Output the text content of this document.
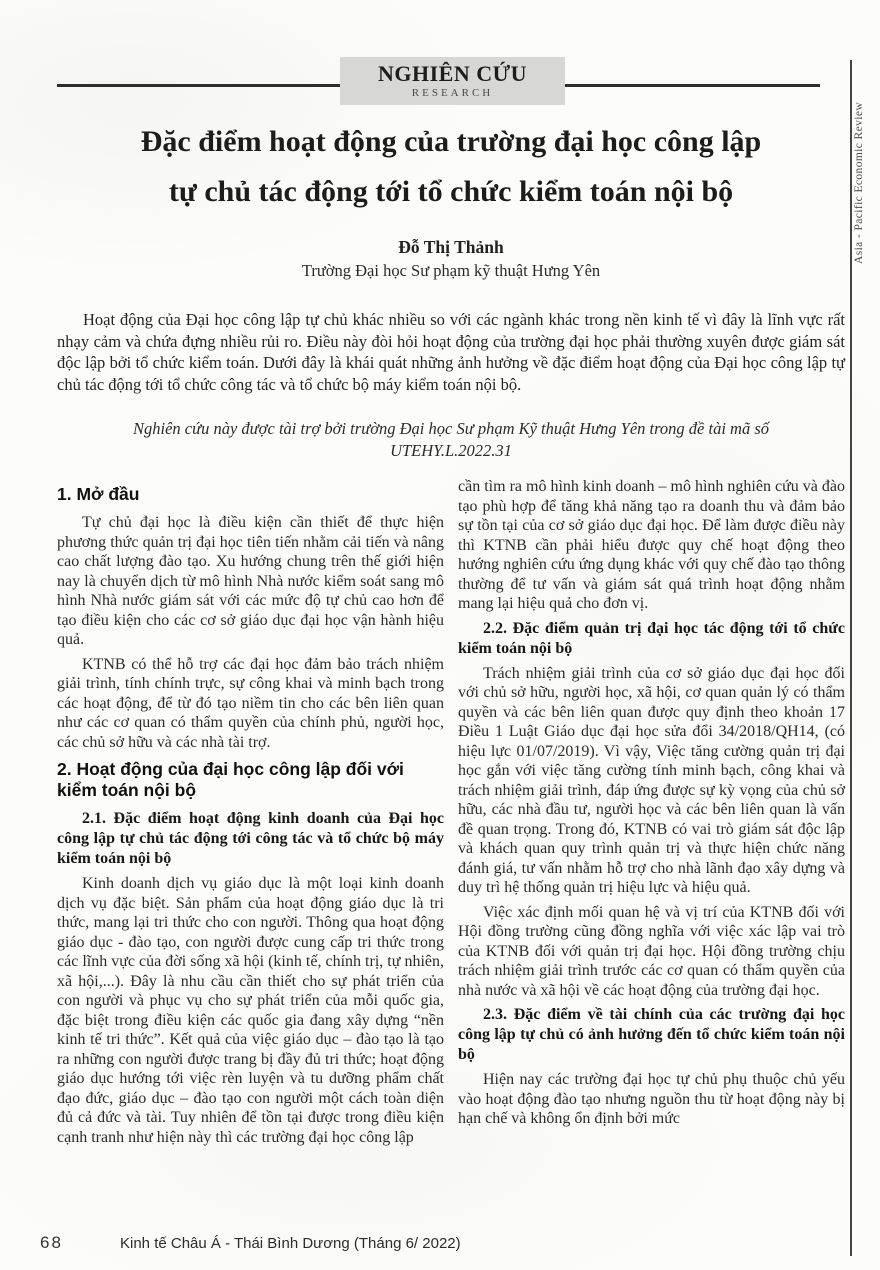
Asia - Pacific Economic Review
NGHIÊN CỨU
RESEARCH
Đặc điểm hoạt động của trường đại học công lập
tự chủ tác động tới tổ chức kiểm toán nội bộ
Đỗ Thị Thảnh
Trường Đại học Sư phạm kỹ thuật Hưng Yên

Hoạt động của Đại học công lập tự chủ khác nhiều so với các ngành khác trong nền kinh tế vì đây là lĩnh vực rất nhạy cảm và chứa đựng nhiều rủi ro. Điều này đòi hỏi hoạt động của trường đại học phải thường xuyên được giám sát độc lập bởi tổ chức kiểm toán. Dưới đây là khái quát những ảnh hưởng về đặc điểm hoạt động của Đại học công lập tự chủ tác động tới tổ chức công tác và tổ chức bộ máy kiểm toán nội bộ.

Nghiên cứu này được tài trợ bởi trường Đại học Sư phạm Kỹ thuật Hưng Yên trong đề tài mã số UTEHY.L.2022.31

1. Mở đầu

Tự chủ đại học là điều kiện cần thiết để thực hiện phương thức quản trị đại học tiên tiến nhằm cải tiến và nâng cao chất lượng đào tạo. Xu hướng chung trên thế giới hiện nay là chuyển dịch từ mô hình Nhà nước kiểm soát sang mô hình Nhà nước giám sát với các mức độ tự chủ cao hơn để tạo điều kiện cho các cơ sở giáo dục đại học vận hành hiệu quả.

KTNB có thể hỗ trợ các đại học đảm bảo trách nhiệm giải trình, tính chính trực, sự công khai và minh bạch trong các hoạt động, để từ đó tạo niềm tin cho các bên liên quan như các cơ quan có thẩm quyền của chính phủ, người học, các chủ sở hữu và các nhà tài trợ.

2. Hoạt động của đại học công lập đối với kiểm toán nội bộ
2.1. Đặc điểm hoạt động kinh doanh của Đại học công lập tự chủ tác động tới công tác và tổ chức bộ máy kiểm toán nội bộ

Kinh doanh dịch vụ giáo dục là một loại kinh doanh dịch vụ đặc biệt. Sản phẩm của hoạt động giáo dục là tri thức, mang lại tri thức cho con người. Thông qua hoạt động giáo dục - đào tạo, con người được cung cấp tri thức trong các lĩnh vực của đời sống xã hội (kinh tế, chính trị, tự nhiên, xã hội,...). Đây là nhu cầu cần thiết cho sự phát triển của con người và phục vụ cho sự phát triển của mỗi quốc gia, đặc biệt trong điều kiện các quốc gia đang xây dựng “nền kinh tế tri thức”. Kết quả của việc giáo dục – đào tạo là tạo ra những con người được trang bị đầy đủ tri thức; hoạt động giáo dục hướng tới việc rèn luyện và tu dưỡng phẩm chất đạo đức, giáo dục – đào tạo con người một cách toàn diện đủ cả đức và tài. Tuy nhiên để tồn tại được trong điều kiện cạnh tranh như hiện này thì các trường đại học công lập

cần tìm ra mô hình kinh doanh – mô hình nghiên cứu và đào tạo phù hợp để tăng khả năng tạo ra doanh thu và đảm bảo sự tồn tại của cơ sở giáo dục đại học. Để làm được điều này thì KTNB cần phải hiểu được quy chế hoạt động theo hướng nghiên cứu ứng dụng khác với quy chế đào tạo thông thường để tư vấn và giám sát quá trình hoạt động nhằm mang lại hiệu quả cho đơn vị.

2.2. Đặc điểm quản trị đại học tác động tới tổ chức kiểm toán nội bộ

Trách nhiệm giải trình của cơ sở giáo dục đại học đối với chủ sở hữu, người học, xã hội, cơ quan quản lý có thẩm quyền và các bên liên quan được quy định theo khoản 17 Điều 1 Luật Giáo dục đại học sửa đổi 34/2018/QH14, (có hiệu lực 01/07/2019). Vì vậy, Việc tăng cường quản trị đại học gắn với việc tăng cường tính minh bạch, công khai và trách nhiệm giải trình, đáp ứng được sự kỳ vọng của chủ sở hữu, các nhà đầu tư, người học và các bên liên quan là vấn đề quan trọng. Trong đó, KTNB có vai trò giám sát độc lập và khách quan quy trình quản trị và thực hiện chức năng đánh giá, tư vấn nhằm hỗ trợ cho nhà lãnh đạo xây dựng và duy trì hệ thống quản trị hiệu lực và hiệu quả.

Việc xác định mối quan hệ và vị trí của KTNB đối với Hội đồng trường cũng đồng nghĩa với việc xác lập vai trò của KTNB đối với quản trị đại học. Hội đồng trường chịu trách nhiệm giải trình trước các cơ quan có thẩm quyền của nhà nước và xã hội về các hoạt động của trường đại học.

2.3. Đặc điểm về tài chính của các trường đại học công lập tự chủ có ảnh hưởng đến tổ chức kiểm toán nội bộ

Hiện nay các trường đại học tự chủ phụ thuộc chủ yếu vào hoạt động đào tạo nhưng nguồn thu từ hoạt động này bị hạn chế và không ổn định bởi mức

68	Kinh tế Châu Á - Thái Bình Dương (Tháng 6/ 2022)
